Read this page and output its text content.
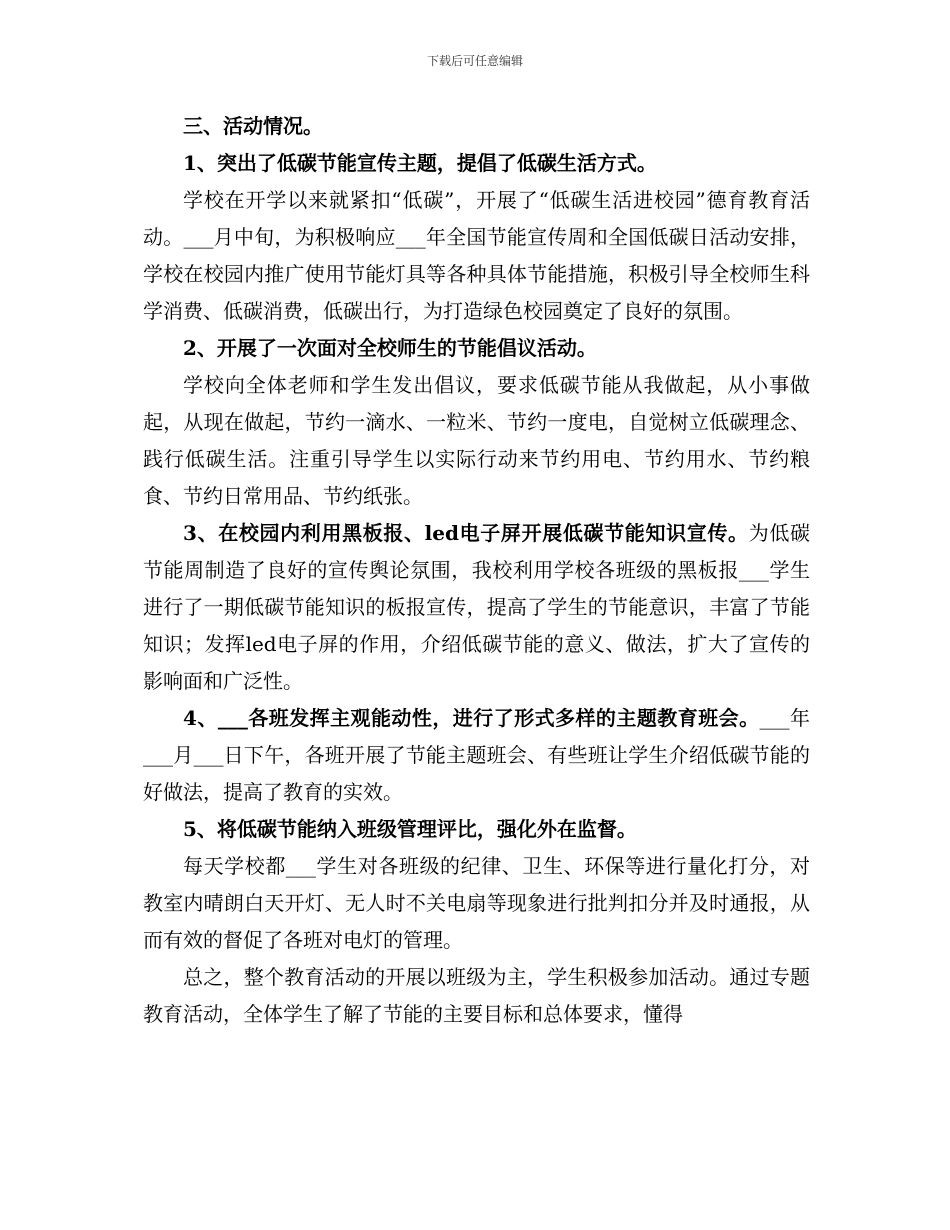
下载后可任意编辑

三、活动情况。

1、突出了低碳节能宣传主题，提倡了低碳生活方式。

学校在开学以来就紧扣“低碳”，开展了“低碳生活进校园”德育教育活动。___月中旬，为积极响应___年全国节能宣传周和全国低碳日活动安排，学校在校园内推广使用节能灯具等各种具体节能措施，积极引导全校师生科学消费、低碳消费，低碳出行，为打造绿色校园奠定了良好的氛围。

2、开展了一次面对全校师生的节能倡议活动。

学校向全体老师和学生发出倡议，要求低碳节能从我做起，从小事做起，从现在做起，节约一滴水、一粒米、节约一度电，自觉树立低碳理念、践行低碳生活。注重引导学生以实际行动来节约用电、节约用水、节约粮食、节约日常用品、节约纸张。

3、在校园内利用黑板报、led电子屏开展低碳节能知识宣传。为低碳节能周制造了良好的宣传舆论氛围，我校利用学校各班级的黑板报___学生进行了一期低碳节能知识的板报宣传，提高了学生的节能意识，丰富了节能知识；发挥led电子屏的作用，介绍低碳节能的意义、做法，扩大了宣传的影响面和广泛性。

4、___各班发挥主观能动性，进行了形式多样的主题教育班会。___年___月___日下午，各班开展了节能主题班会、有些班让学生介绍低碳节能的好做法，提高了教育的实效。

5、将低碳节能纳入班级管理评比，强化外在监督。

每天学校都___学生对各班级的纪律、卫生、环保等进行量化打分，对教室内晴朗白天开灯、无人时不关电扇等现象进行批判扣分并及时通报，从而有效的督促了各班对电灯的管理。

总之，整个教育活动的开展以班级为主，学生积极参加活动。通过专题教育活动，全体学生了解了节能的主要目标和总体要求，懂得
